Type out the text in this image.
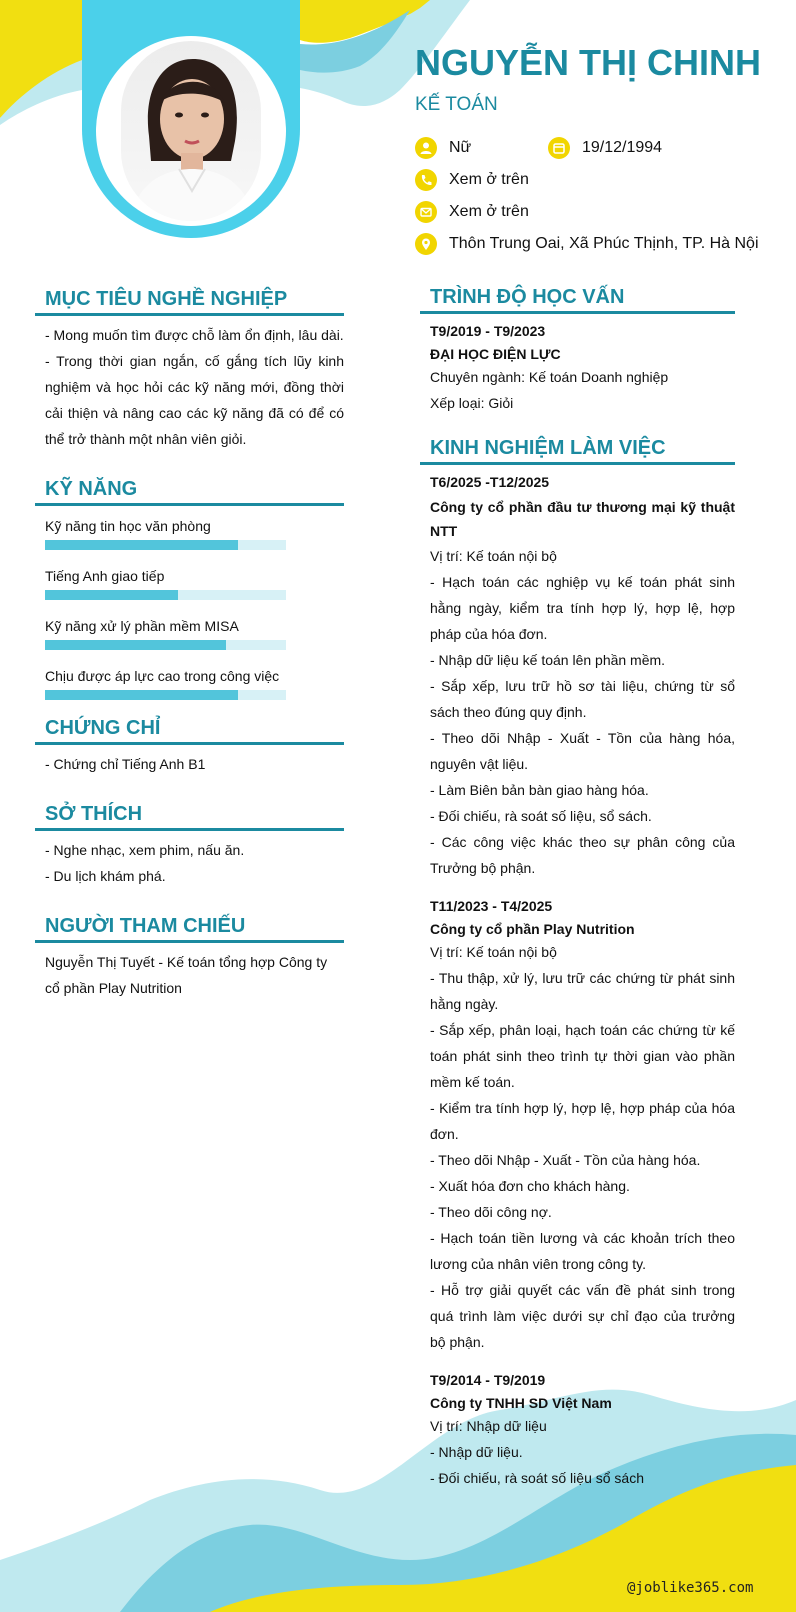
NGUYỄN THỊ CHINH
KẾ TOÁN
Nữ	19/12/1994
Xem ở trên
Xem ở trên
Thôn Trung Oai, Xã Phúc Thịnh, TP. Hà Nội
MỤC TIÊU NGHỀ NGHIỆP
- Mong muốn tìm được chỗ làm ổn định, lâu dài.
- Trong thời gian ngắn, cố gắng tích lũy kinh nghiệm và học hỏi các kỹ năng mới, đồng thời cải thiện và nâng cao các kỹ năng đã có để có thể trở thành một nhân viên giỏi.
KỸ NĂNG
Kỹ năng tin học văn phòng
Tiếng Anh giao tiếp
Kỹ năng xử lý phần mềm MISA
Chịu được áp lực cao trong công việc
CHỨNG CHỈ
- Chứng chỉ Tiếng Anh B1
SỞ THÍCH
- Nghe nhạc, xem phim, nấu ăn.
- Du lịch khám phá.
NGƯỜI THAM CHIẾU
Nguyễn Thị Tuyết - Kế toán tổng hợp Công ty cổ phần Play Nutrition
TRÌNH ĐỘ HỌC VẤN
T9/2019 - T9/2023
ĐẠI HỌC ĐIỆN LỰC
Chuyên ngành: Kế toán Doanh nghiệp
Xếp loại: Giỏi
KINH NGHIỆM LÀM VIỆC
T6/2025 -T12/2025
Công ty cổ phần đầu tư thương mại kỹ thuật NTT
Vị trí: Kế toán nội bộ
- Hạch toán các nghiệp vụ kế toán phát sinh hằng ngày, kiểm tra tính hợp lý, hợp lệ, hợp pháp của hóa đơn.
- Nhập dữ liệu kế toán lên phần mềm.
- Sắp xếp, lưu trữ hồ sơ tài liệu, chứng từ sổ sách theo đúng quy định.
- Theo dõi Nhập - Xuất - Tồn của hàng hóa, nguyên vật liệu.
- Làm Biên bản bàn giao hàng hóa.
- Đối chiếu, rà soát số liệu, sổ sách.
- Các công việc khác theo sự phân công của Trưởng bộ phận.
T11/2023 - T4/2025
Công ty cổ phần Play Nutrition
Vị trí: Kế toán nội bộ
- Thu thập, xử lý, lưu trữ các chứng từ phát sinh hằng ngày.
- Sắp xếp, phân loại, hạch toán các chứng từ kế toán phát sinh theo trình tự thời gian vào phần mềm kế toán.
- Kiểm tra tính hợp lý, hợp lệ, hợp pháp của hóa đơn.
- Theo dõi Nhập - Xuất - Tồn của hàng hóa.
- Xuất hóa đơn cho khách hàng.
- Theo dõi công nợ.
- Hạch toán tiền lương và các khoản trích theo lương của nhân viên trong công ty.
- Hỗ trợ giải quyết các vấn đề phát sinh trong quá trình làm việc dưới sự chỉ đạo của trưởng bộ phận.
T9/2014 - T9/2019
Công ty TNHH SD Việt Nam
Vị trí: Nhập dữ liệu
- Nhập dữ liệu.
- Đối chiếu, rà soát số liệu sổ sách
@joblike365.com
